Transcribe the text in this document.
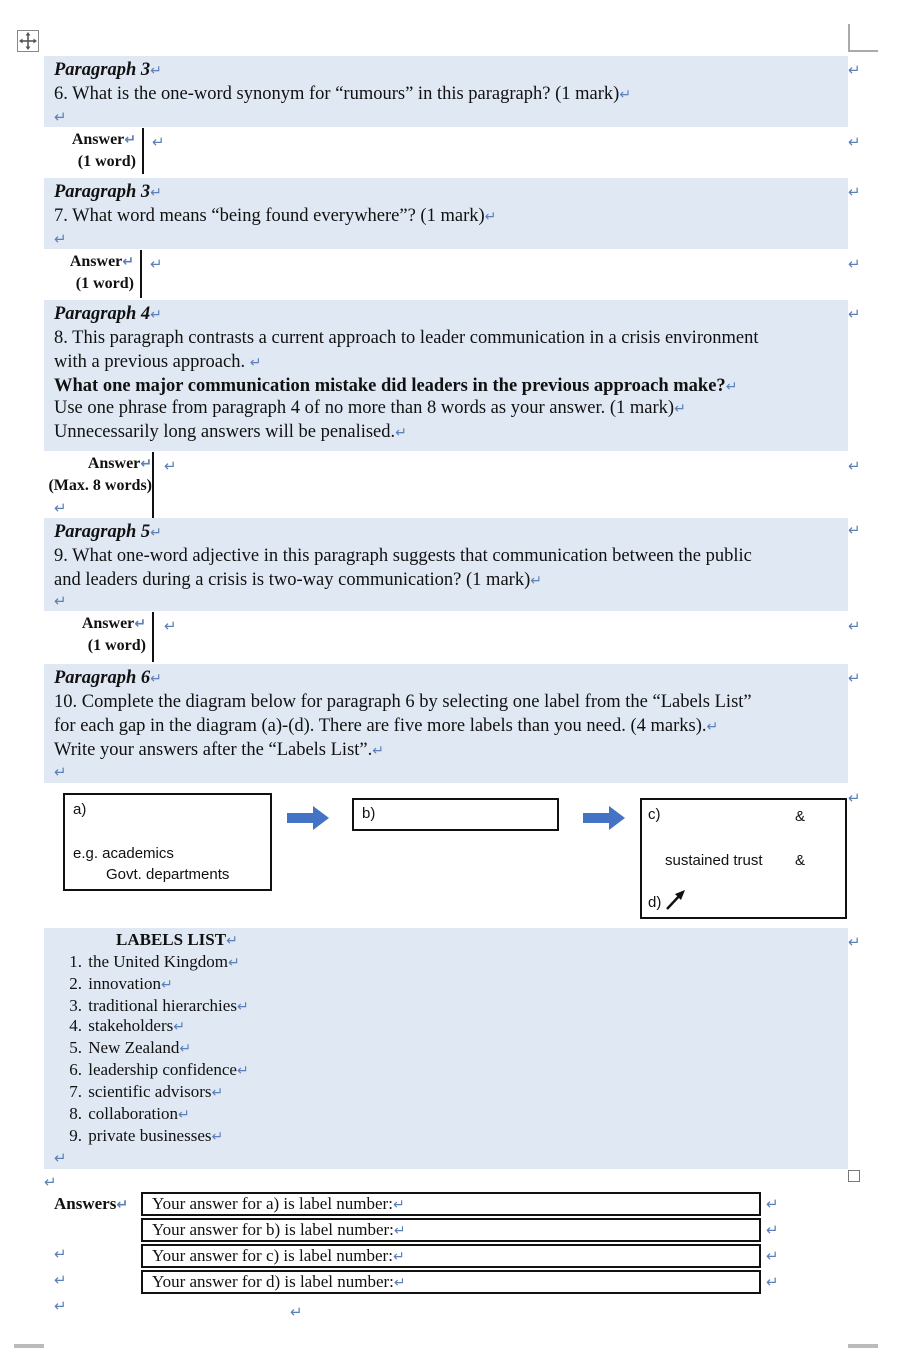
Paragraph 3↵
6. What is the one-word synonym for “rumours” in this paragraph? (1 mark)↵
↵
Answer↵
(1 word)
↵
Paragraph 3↵
7. What word means “being found everywhere”? (1 mark)↵
↵
Answer↵
(1 word)
↵
Paragraph 4↵
8. This paragraph contrasts a current approach to leader communication in a crisis environment
with a previous approach. ↵
What one major communication mistake did leaders in the previous approach make?↵
Use one phrase from paragraph 4 of no more than 8 words as your answer. (1 mark)↵
Unnecessarily long answers will be penalised.↵
Answer↵
(Max. 8 words)
↵
↵
Paragraph 5↵
9. What one-word adjective in this paragraph suggests that communication between the public
and leaders during a crisis is two-way communication? (1 mark)↵
↵
Answer↵
(1 word)
↵
Paragraph 6↵
10. Complete the diagram below for paragraph 6 by selecting one label from the “Labels List”
for each gap in the diagram (a)-(d). There are five more labels than you need. (4 marks).↵
Write your answers after the “Labels List”.↵
↵
a)
e.g. academics
Govt. departments
b)	c)	&
sustained trust &
d)
↵
LABELS LIST↵
1. the United Kingdom↵
2. innovation↵
3. traditional hierarchies↵
4. stakeholders↵
5. New Zealand↵
6. leadership confidence↵
7. scientific advisors↵
8. collaboration↵
9. private businesses↵
↵
↵
Answers↵
↵
↵
↵
Your answer for a) is label number:↵
Your answer for b) is label number:↵
Your answer for c) is label number:↵
Your answer for d) is label number:↵
↵
↵
↵
↵
↵
↵
↵
↵
↵
↵
↵
↵
↵
↵
↵
